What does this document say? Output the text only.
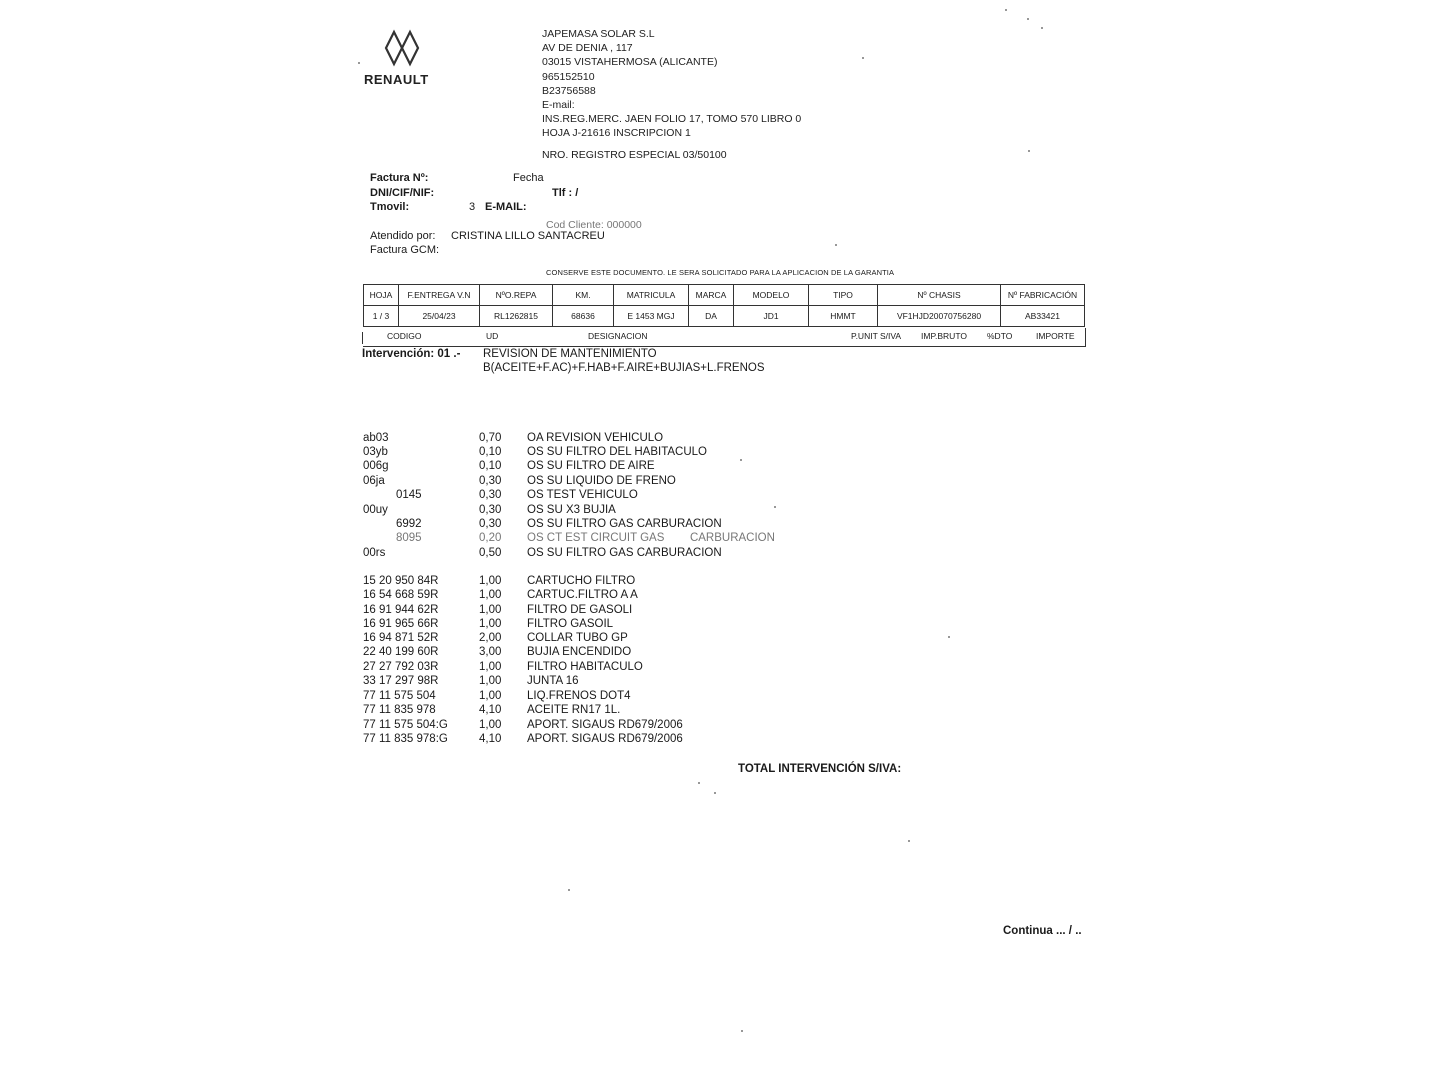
RENAULT
JAPEMASA SOLAR S.L
AV DE DENIA , 117
03015 VISTAHERMOSA (ALICANTE)
965152510
B23756588
E-mail:
INS.REG.MERC. JAEN FOLIO 17, TOMO 570 LIBRO 0
HOJA J-21616 INSCRIPCION 1
NRO. REGISTRO ESPECIAL 03/50100
Factura Nº:	Fecha
DNI/CIF/NIF:	Tlf : /
Tmovil:	3 E-MAIL:
Cod Cliente: 000000
Atendido por: CRISTINA LILLO SANTACREU
Factura GCM:
CONSERVE ESTE DOCUMENTO. LE SERA SOLICITADO PARA LA APLICACION DE LA GARANTIA
HOJA	F.ENTREGA V.N	NºO.REPA	KM.	MATRICULA	MARCA	MODELO	TIPO	Nº CHASIS	Nº FABRICACIÓN
1 / 3	25/04/23	RL1262815	68636	E 1453 MGJ	DA	JD1	HMMT	VF1HJD20070756280	AB33421
CODIGO	UD	DESIGNACION	P.UNIT S/IVA IMP.BRUTO %DTO	IMPORTE
Intervención: 01 .- REVISION DE MANTENIMIENTO
B(ACEITE+F.AC)+F.HAB+F.AIRE+BUJIAS+L.FRENOS
ab03	0,70 OA REVISION VEHICULO
03yb	0,10 OS SU FILTRO DEL HABITACULO
006g	0,10 OS SU FILTRO DE AIRE
06ja	0,30 OS SU LIQUIDO DE FRENO
0145	0,30 OS TEST VEHICULO
00uy	0,30 OS SU X3 BUJIA
6992	0,30 OS SU FILTRO GAS CARBURACION
8095	0,20 OS CT EST CIRCUIT GAS        CARBURACION
00rs	0,50 OS SU FILTRO GAS CARBURACION
15 20 950 84R	1,00 CARTUCHO FILTRO
16 54 668 59R	1,00 CARTUC.FILTRO A A
16 91 944 62R	1,00 FILTRO DE GASOLI
16 91 965 66R	1,00 FILTRO GASOIL
16 94 871 52R	2,00 COLLAR TUBO GP
22 40 199 60R	3,00 BUJIA ENCENDIDO
27 27 792 03R	1,00 FILTRO HABITACULO
33 17 297 98R	1,00 JUNTA 16
77 11 575 504	1,00 LIQ.FRENOS DOT4
77 11 835 978	4,10 ACEITE RN17 1L.
77 11 575 504:G	1,00 APORT. SIGAUS RD679/2006
77 11 835 978:G	4,10 APORT. SIGAUS RD679/2006
TOTAL INTERVENCIÓN S/IVA:
Continua ... / ..
